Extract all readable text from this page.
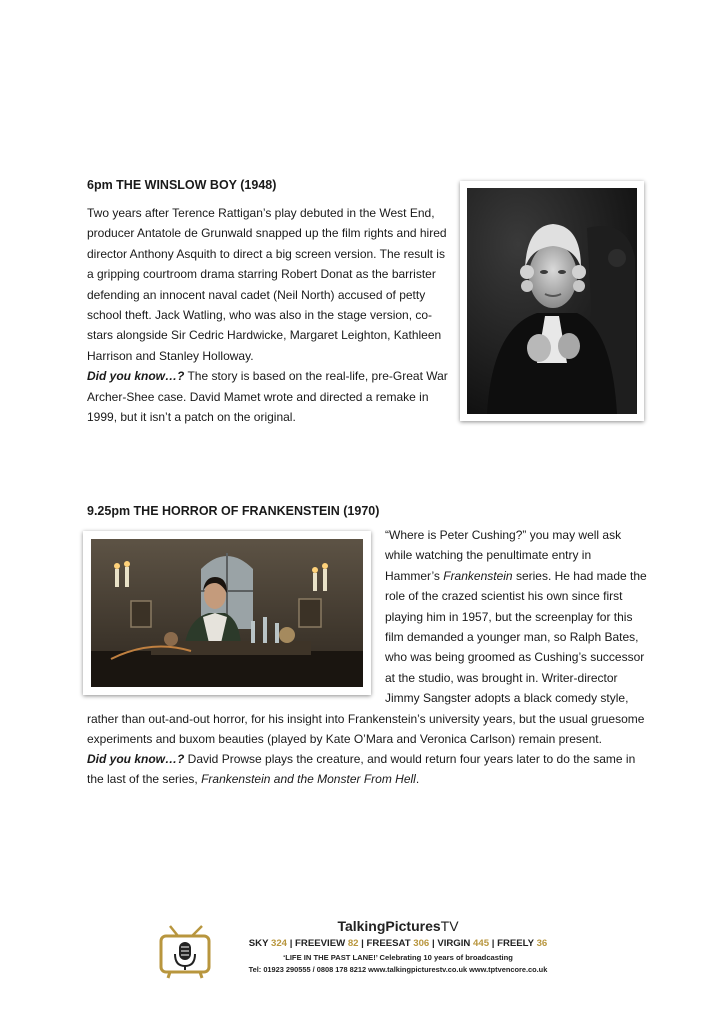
6pm THE WINSLOW BOY (1948)

Two years after Terence Rattigan’s play debuted in the West End, producer Antatole de Grunwald snapped up the film rights and hired director Anthony Asquith to direct a big screen version. The result is a gripping courtroom drama starring Robert Donat as the barrister defending an innocent naval cadet (Neil North) accused of petty school theft. Jack Watling, who was also in the stage version, co-stars alongside Sir Cedric Hardwicke, Margaret Leighton, Kathleen Harrison and Stanley Holloway.

Did you know…? The story is based on the real-life, pre-Great War Archer-Shee case. David Mamet wrote and directed a remake in 1999, but it isn’t a patch on the original.

9.25pm THE HORROR OF FRANKENSTEIN (1970)

“Where is Peter Cushing?” you may well ask while watching the penultimate entry in Hammer’s Frankenstein series. He had made the role of the crazed scientist his own since first playing him in 1957, but the screenplay for this film demanded a younger man, so Ralph Bates, who was being groomed as Cushing’s successor at the studio, was brought in. Writer-director Jimmy Sangster adopts a black comedy style, rather than out-and-out horror, for his insight into Frankenstein’s university years, but the usual gruesome experiments and buxom beauties (played by Kate O’Mara and Veronica Carlson) remain present.

Did you know…? David Prowse plays the creature, and would return four years later to do the same in the last of the series, Frankenstein and the Monster From Hell.

TalkingPicturesTV
SKY 324 | FREEVIEW 82 | FREESAT 306 | VIRGIN 445 | FREELY 36
‘LIFE IN THE PAST LANE!’ Celebrating 10 years of broadcasting
Tel: 01923 290555 / 0808 178 8212 www.talkingpicturestv.co.uk www.tptvencore.co.uk
